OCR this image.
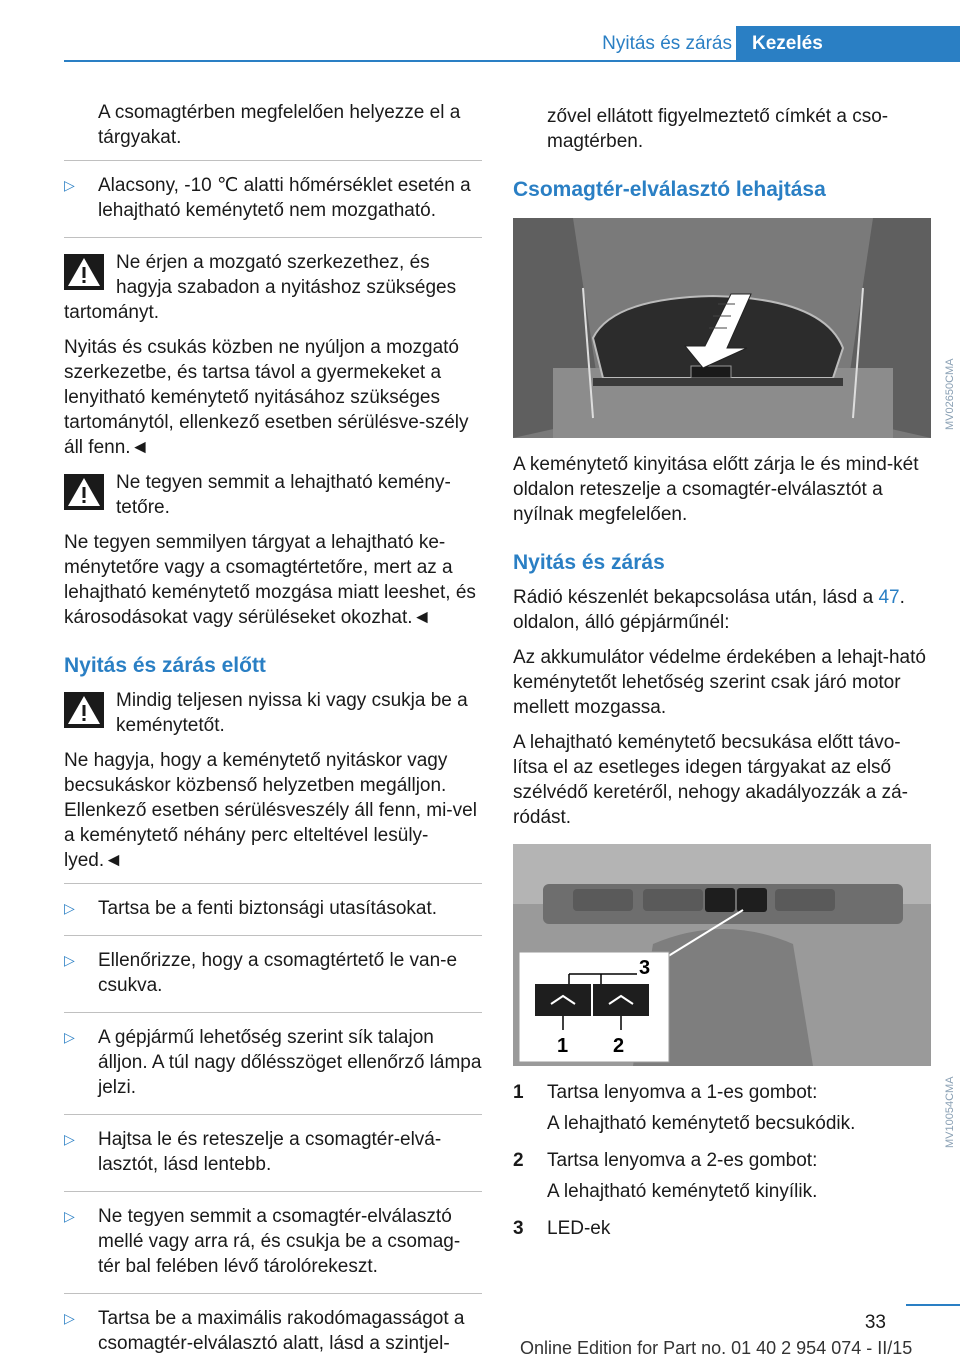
Nyitás és zárás	Kezelés

A csomagtérben megfelelően helyezze el a tárgyakat.

▷	Alacsony, -10 ℃ alatti hőmérséklet esetén a lehajtható keménytető nem mozgatható.

Ne érjen a mozgató szerkezethez, és hagyja szabadon a nyitáshoz szükséges tartományt.

Nyitás és csukás közben ne nyúljon a mozgató szerkezetbe, és tartsa távol a gyermekeket a lenyitható keménytető nyitásához szükséges tartománytól, ellenkező esetben sérülésve-szély áll fenn.◄

Ne tegyen semmit a lehajtható kemény-tetőre.

Ne tegyen semmilyen tárgyat a lehajtható ke-ménytetőre vagy a csomagtértetőre, mert az a lehajtható keménytető mozgása miatt leeshet, és károsodásokat vagy sérüléseket okozhat.◄

Nyitás és zárás előtt

Mindig teljesen nyissa ki vagy csukja be a keménytetőt.

Ne hagyja, hogy a keménytető nyitáskor vagy becsukáskor közbenső helyzetben megálljon. Ellenkező esetben sérülésveszély áll fenn, mi-vel a keménytető néhány perc elteltével lesüly-lyed.◄

▷	Tartsa be a fenti biztonsági utasításokat.
▷	Ellenőrizze, hogy a csomagtértető le van-e csukva.
▷	A gépjármű lehetőség szerint sík talajon álljon. A túl nagy dőlésszöget ellenőrző lámpa jelzi.
▷	Hajtsa le és reteszelje a csomagtér-elvá-lasztót, lásd lentebb.
▷	Ne tegyen semmit a csomagtér-elválasztó mellé vagy arra rá, és csukja be a csomag-tér bal felében lévő tárolórekeszt.
▷	Tartsa be a maximális rakodómagasságot a csomagtér-elválasztó alatt, lásd a szintjel-

zővel ellátott figyelmeztető címkét a cso-magtérben.

Csomagtér-elválasztó lehajtása
MV02650CMA

A keménytető kinyitása előtt zárja le és mind-két oldalon reteszelje a csomagtér-elválasztót a nyílnak megfelelően.

Nyitás és zárás

Rádió készenlét bekapcsolása után, lásd a 47. oldalon, álló gépjárműnél:

Az akkumulátor védelme érdekében a lehajt-ható keménytetőt lehetőség szerint csak járó motor mellett mozgassa.

A lehajtható keménytető becsukása előtt távo-lítsa el az esetleges idegen tárgyakat az első szélvédő keretéről, nehogy akadályozzák a zá-ródást.

3
1 2
MV10054CMA
1	Tartsa lenyomva a 1-es gombot:
A lehajtható keménytető becsukódik.
2	Tartsa lenyomva a 2-es gombot:
A lehajtható keménytető kinyílik.
3	LED-ek
33
Online Edition for Part no. 01 40 2 954 074 - II/15
